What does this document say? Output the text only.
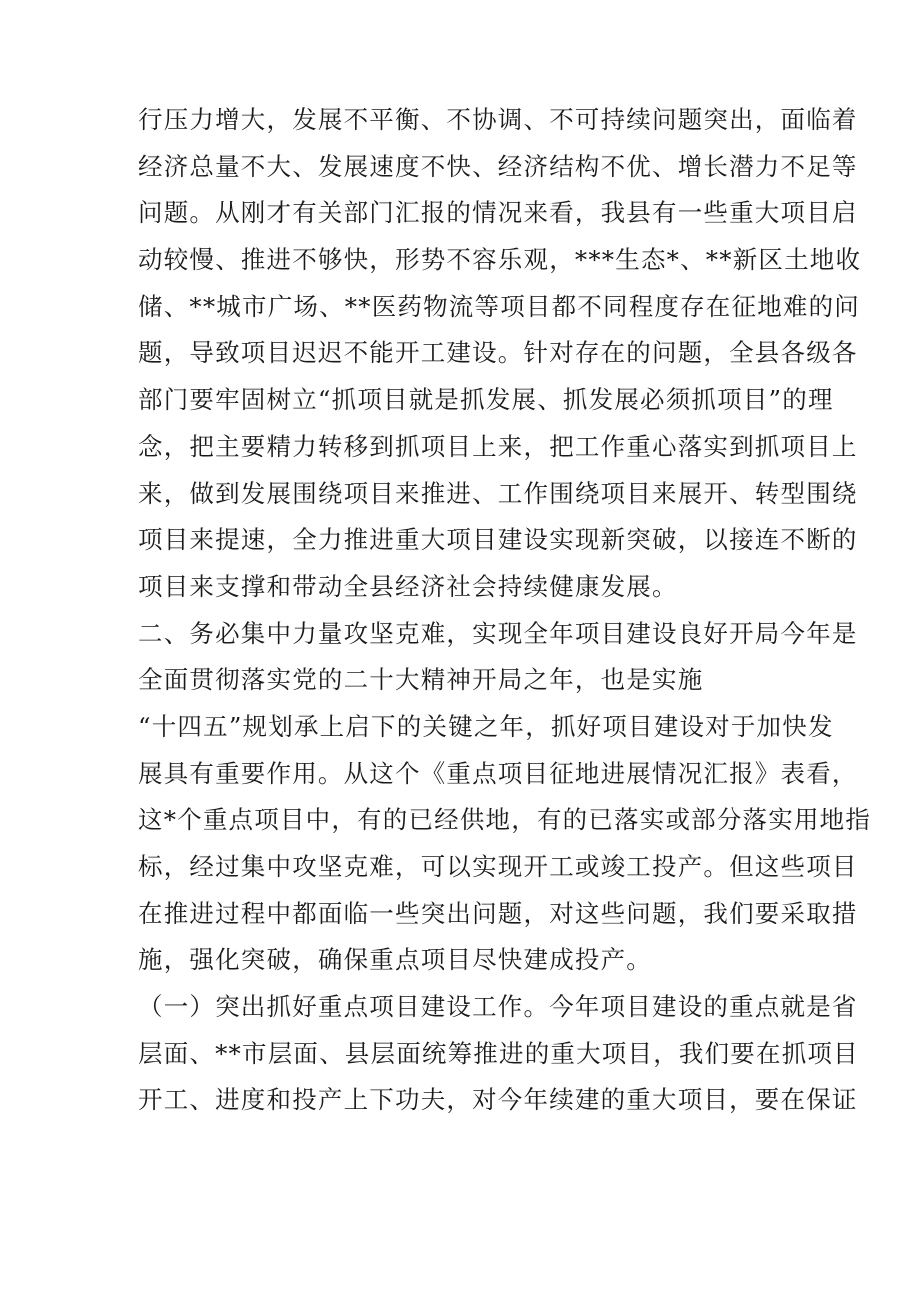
行压力增大，发展不平衡、不协调、不可持续问题突出，面临着
经济总量不大、发展速度不快、经济结构不优、增长潜力不足等
问题。从刚才有关部门汇报的情况来看，我县有一些重大项目启
动较慢、推进不够快，形势不容乐观，***生态*、**新区土地收
储、**城市广场、**医药物流等项目都不同程度存在征地难的问
题，导致项目迟迟不能开工建设。针对存在的问题，全县各级各
部门要牢固树立“抓项目就是抓发展、抓发展必须抓项目”的理
念，把主要精力转移到抓项目上来，把工作重心落实到抓项目上
来，做到发展围绕项目来推进、工作围绕项目来展开、转型围绕
项目来提速，全力推进重大项目建设实现新突破，以接连不断的
项目来支撑和带动全县经济社会持续健康发展。
二、务必集中力量攻坚克难，实现全年项目建设良好开局今年是
全面贯彻落实党的二十大精神开局之年，也是实施
“十四五”规划承上启下的关键之年，抓好项目建设对于加快发
展具有重要作用。从这个《重点项目征地进展情况汇报》表看，
这*个重点项目中，有的已经供地，有的已落实或部分落实用地指
标，经过集中攻坚克难，可以实现开工或竣工投产。但这些项目
在推进过程中都面临一些突出问题，对这些问题，我们要采取措
施，强化突破，确保重点项目尽快建成投产。
（一）突出抓好重点项目建设工作。今年项目建设的重点就是省
层面、**市层面、县层面统筹推进的重大项目，我们要在抓项目
开工、进度和投产上下功夫，对今年续建的重大项目，要在保证
